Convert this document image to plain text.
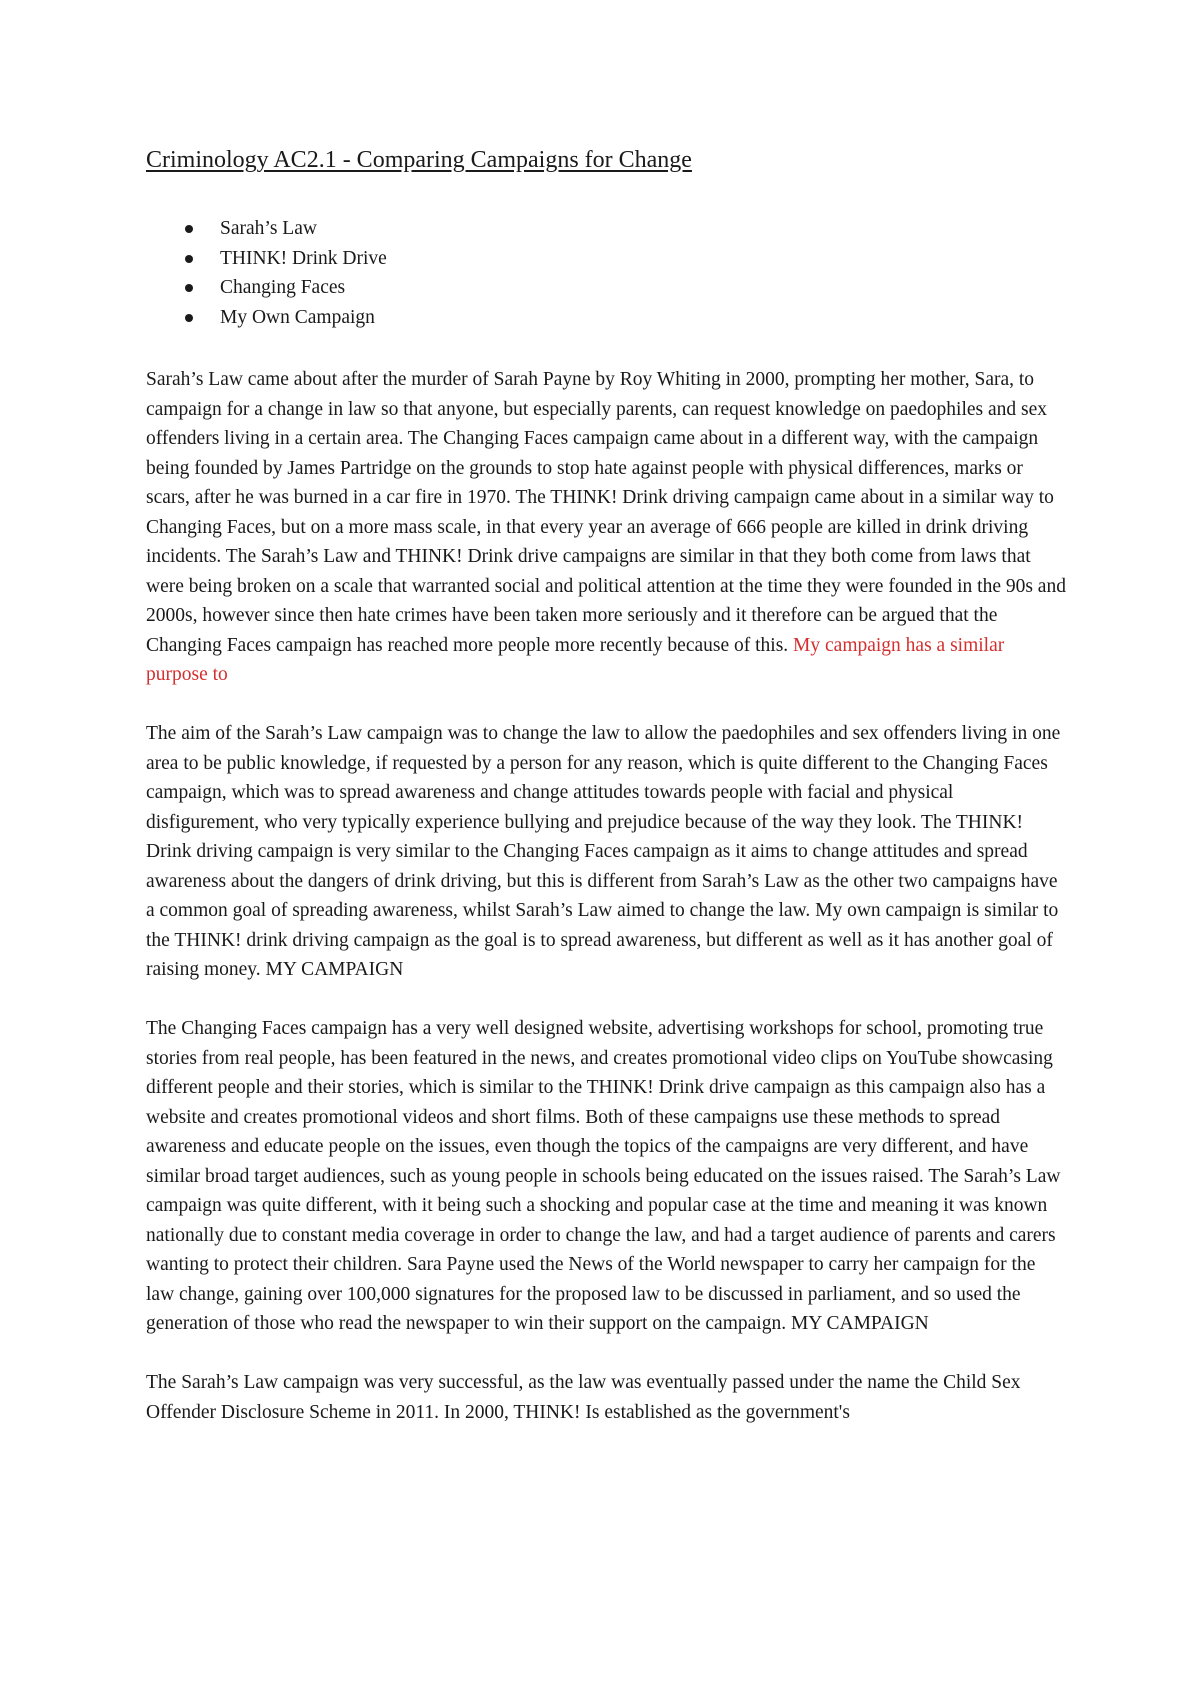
Criminology AC2.1 - Comparing Campaigns for Change
Sarah’s Law
THINK! Drink Drive
Changing Faces
My Own Campaign

Sarah’s Law came about after the murder of Sarah Payne by Roy Whiting in 2000, prompting her mother, Sara, to campaign for a change in law so that anyone, but especially parents, can request knowledge on paedophiles and sex offenders living in a certain area. The Changing Faces campaign came about in a different way, with the campaign being founded by James Partridge on the grounds to stop hate against people with physical differences, marks or scars, after he was burned in a car fire in 1970. The THINK! Drink driving campaign came about in a similar way to Changing Faces, but on a more mass scale, in that every year an average of 666 people are killed in drink driving incidents. The Sarah’s Law and THINK! Drink drive campaigns are similar in that they both come from laws that were being broken on a scale that warranted social and political attention at the time they were founded in the 90s and 2000s, however since then hate crimes have been taken more seriously and it therefore can be argued that the Changing Faces campaign has reached more people more recently because of this. My campaign has a similar purpose to

The aim of the Sarah’s Law campaign was to change the law to allow the paedophiles and sex offenders living in one area to be public knowledge, if requested by a person for any reason, which is quite different to the Changing Faces campaign, which was to spread awareness and change attitudes towards people with facial and physical disfigurement, who very typically experience bullying and prejudice because of the way they look. The THINK! Drink driving campaign is very similar to the Changing Faces campaign as it aims to change attitudes and spread awareness about the dangers of drink driving, but this is different from Sarah’s Law as the other two campaigns have a common goal of spreading awareness, whilst Sarah’s Law aimed to change the law. My own campaign is similar to the THINK! drink driving campaign as the goal is to spread awareness, but different as well as it has another goal of raising money. MY CAMPAIGN

The Changing Faces campaign has a very well designed website, advertising workshops for school, promoting true stories from real people, has been featured in the news, and creates promotional video clips on YouTube showcasing different people and their stories, which is similar to the THINK! Drink drive campaign as this campaign also has a website and creates promotional videos and short films. Both of these campaigns use these methods to spread awareness and educate people on the issues, even though the topics of the campaigns are very different, and have similar broad target audiences, such as young people in schools being educated on the issues raised. The Sarah’s Law campaign was quite different, with it being such a shocking and popular case at the time and meaning it was known nationally due to constant media coverage in order to change the law, and had a target audience of parents and carers wanting to protect their children. Sara Payne used the News of the World newspaper to carry her campaign for the law change, gaining over 100,000 signatures for the proposed law to be discussed in parliament, and so used the generation of those who read the newspaper to win their support on the campaign. MY CAMPAIGN

The Sarah’s Law campaign was very successful, as the law was eventually passed under the name the Child Sex Offender Disclosure Scheme in 2011. In 2000, THINK! Is established as the government's
